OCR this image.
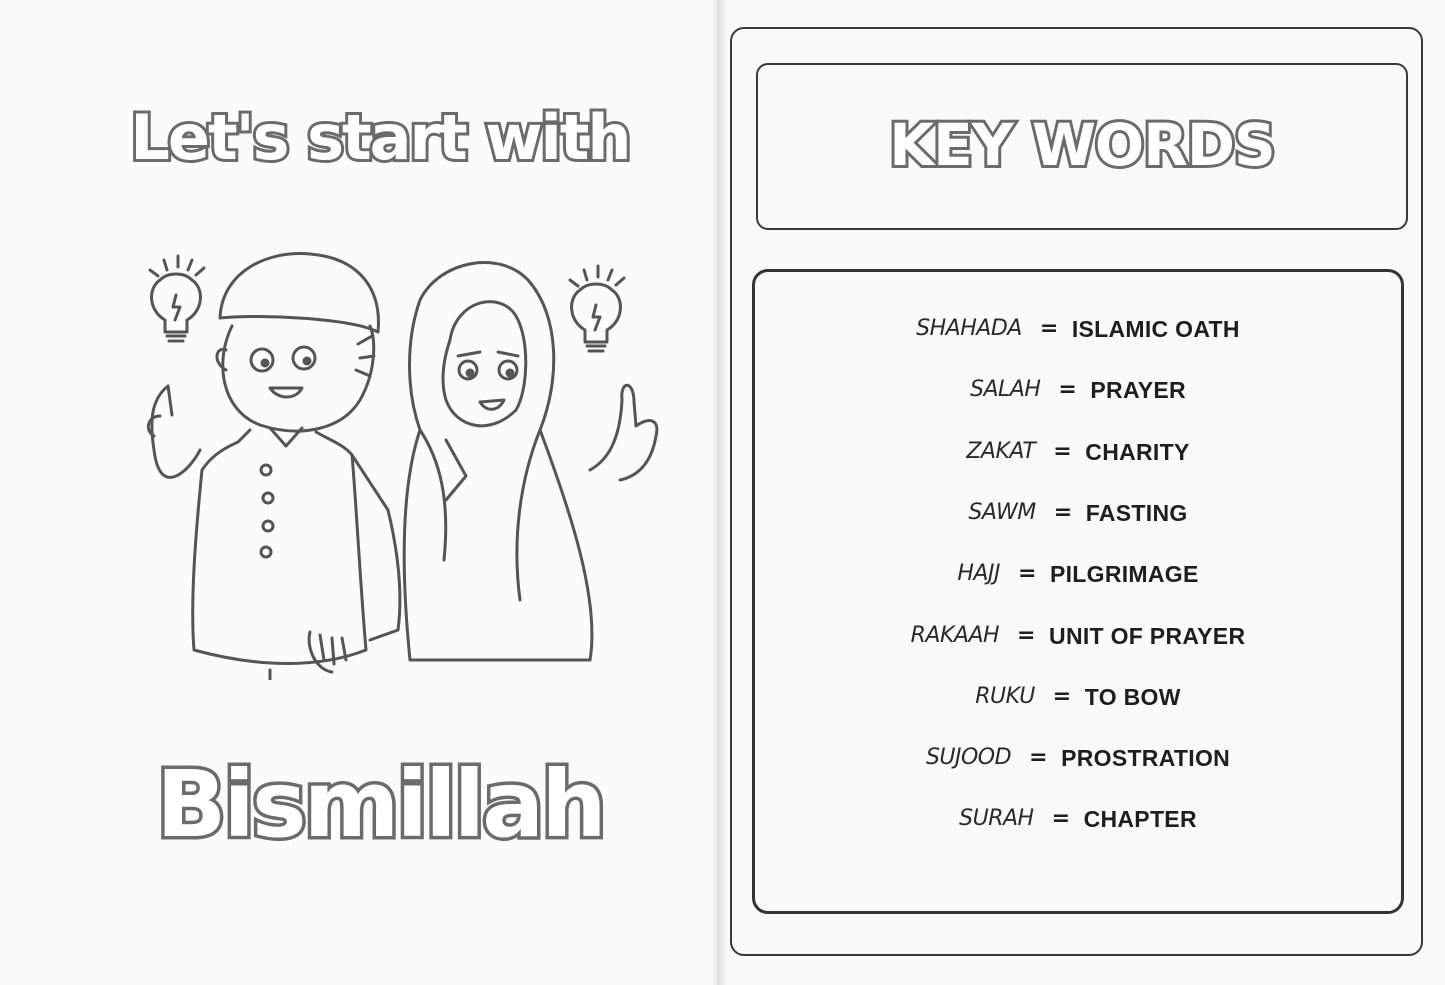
Let's start with
Bismillah
KEY WORDS
SHAHADA = ISLAMIC OATH
SALAH = PRAYER
ZAKAT = CHARITY
SAWM = FASTING
HAJJ = PILGRIMAGE
RAKAAH = UNIT OF PRAYER
RUKU = TO BOW
SUJOOD = PROSTRATION
SURAH = CHAPTER
